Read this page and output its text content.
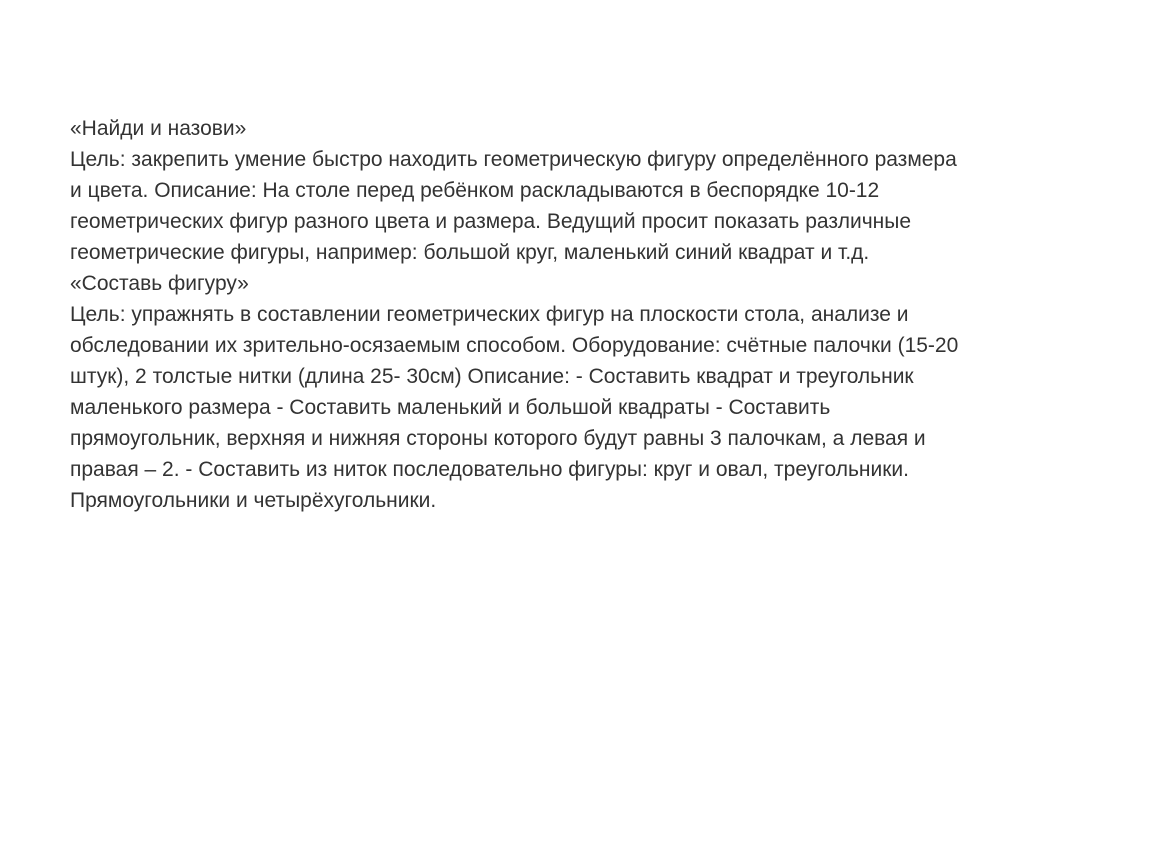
«Найди и назови»
Цель: закрепить умение быстро находить геометрическую фигуру определённого размера
и цвета. Описание: На столе перед ребёнком раскладываются в беспорядке 10-12
геометрических фигур разного цвета и размера. Ведущий просит показать различные
геометрические фигуры, например: большой круг, маленький синий квадрат и т.д.
«Составь фигуру»
Цель: упражнять в составлении геометрических фигур на плоскости стола, анализе и
обследовании их зрительно-осязаемым способом. Оборудование: счётные палочки (15-20
штук), 2 толстые нитки (длина 25- 30см) Описание: - Составить квадрат и треугольник
маленького размера - Составить маленький и большой квадраты - Составить
прямоугольник, верхняя и нижняя стороны которого будут равны 3 палочкам, а левая и
правая – 2. - Составить из ниток последовательно фигуры: круг и овал, треугольники.
Прямоугольники и четырёхугольники.
